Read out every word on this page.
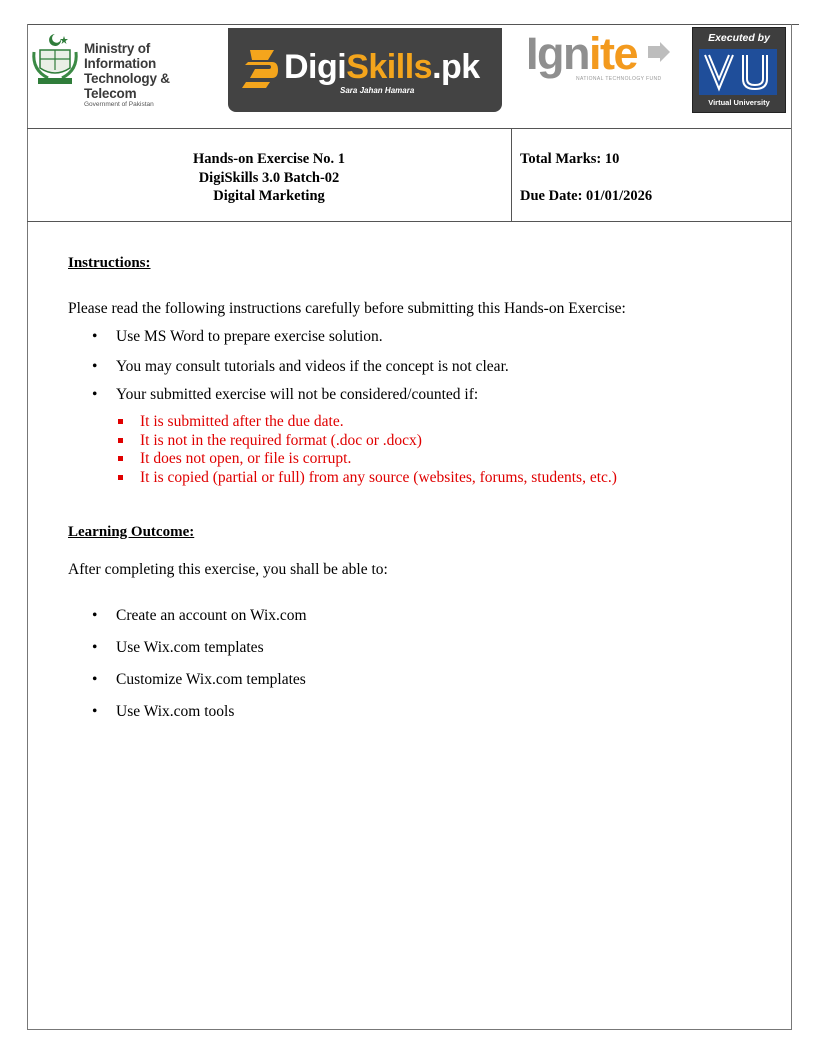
Ministry of Information
Technology & Telecom
Government of Pakistan
DigiSkills.pk
Sara Jahan Hamara
Ignite
NATIONAL TECHNOLOGY FUND
Executed by
Virtual University
Hands-on Exercise No. 1
DigiSkills 3.0 Batch-02
Digital Marketing
Total Marks: 10
Due Date: 01/01/2026
Instructions:
Please read the following instructions carefully before submitting this Hands-on Exercise:
• Use MS Word to prepare exercise solution.
• You may consult tutorials and videos if the concept is not clear.
• Your submitted exercise will not be considered/counted if:
It is submitted after the due date.
It is not in the required format (.doc or .docx)
It does not open, or file is corrupt.
It is copied (partial or full) from any source (websites, forums, students, etc.)
Learning Outcome:
After completing this exercise, you shall be able to:
• Create an account on Wix.com
• Use Wix.com templates
• Customize Wix.com templates
• Use Wix.com tools
